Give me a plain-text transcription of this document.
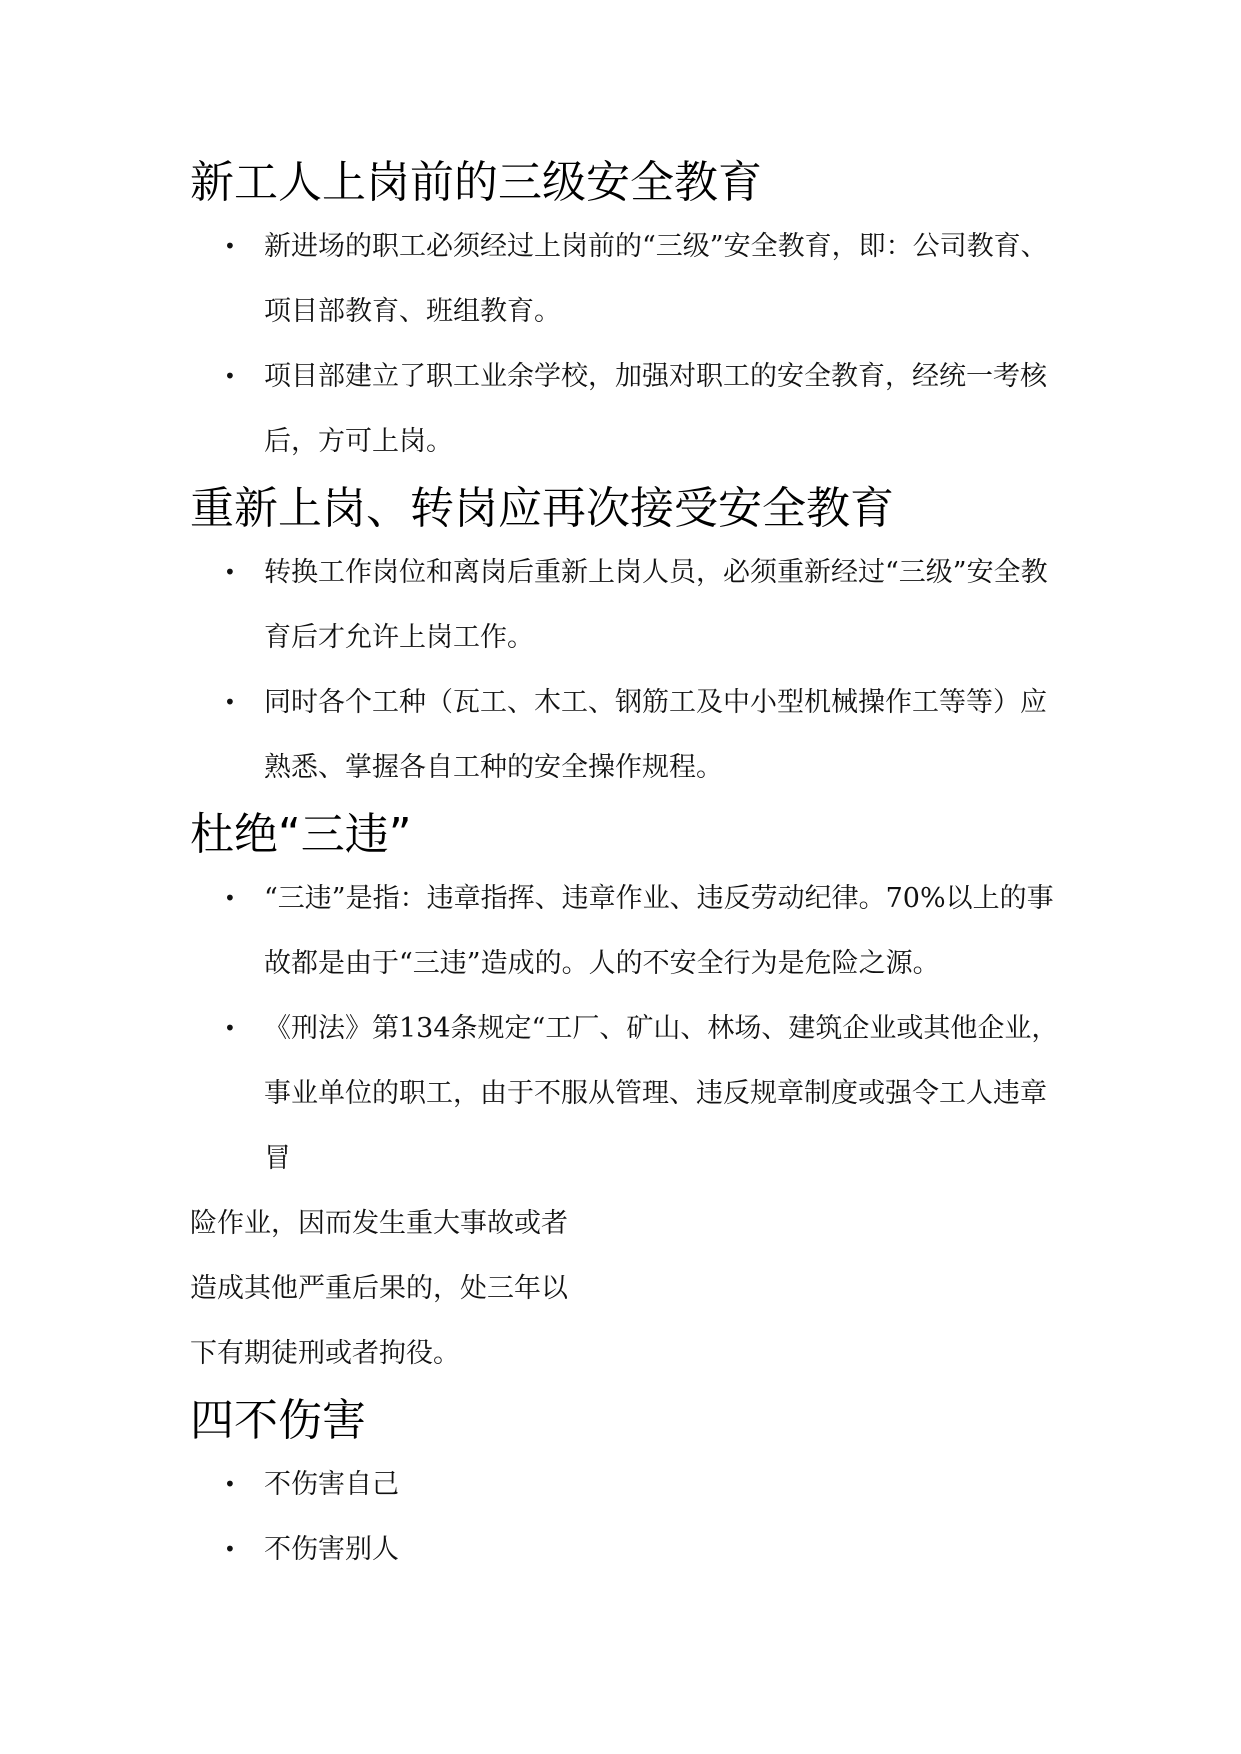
新工人上岗前的三级安全教育
• 新进场的职工必须经过上岗前的“三级”安全教育，即：公司教育、项目部教育、班组教育。
• 项目部建立了职工业余学校，加强对职工的安全教育，经统一考核后，方可上岗。
重新上岗、转岗应再次接受安全教育
• 转换工作岗位和离岗后重新上岗人员，必须重新经过“三级”安全教育后才允许上岗工作。
• 同时各个工种（瓦工、木工、钢筋工及中小型机械操作工等等）应熟悉、掌握各自工种的安全操作规程。
杜绝“三违”
• “三违”是指：违章指挥、违章作业、违反劳动纪律。70%以上的事故都是由于“三违”造成的。人的不安全行为是危险之源。
• 《刑法》第134条规定“工厂、矿山、林场、建筑企业或其他企业，事业单位的职工，由于不服从管理、违反规章制度或强令工人违章冒
险作业，因而发生重大事故或者
造成其他严重后果的，处三年以
下有期徒刑或者拘役。
四不伤害
• 不伤害自己
• 不伤害别人
